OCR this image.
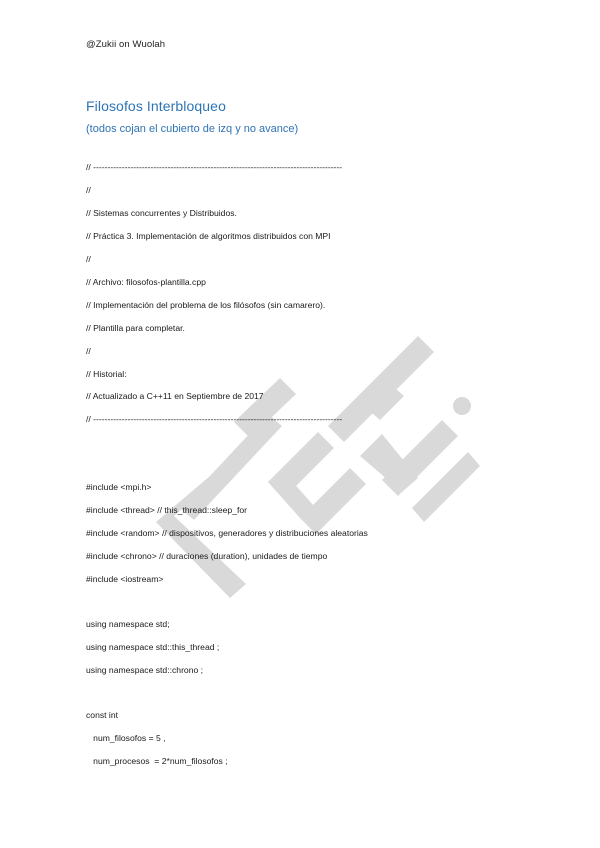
@Zukii on Wuolah
Filosofos Interbloqueo
(todos cojan el cubierto de izq y no avance)
// ---------------------------------------------------------------------------------------
//
// Sistemas concurrentes y Distribuidos.
// Práctica 3. Implementación de algoritmos distribuidos con MPI
//
// Archivo: filosofos-plantilla.cpp
// Implementación del problema de los filósofos (sin camarero).
// Plantilla para completar.
//
// Historial:
// Actualizado a C++11 en Septiembre de 2017
// ---------------------------------------------------------------------------------------
#include <mpi.h>
#include <thread> // this_thread::sleep_for
#include <random> // dispositivos, generadores y distribuciones aleatorias
#include <chrono> // duraciones (duration), unidades de tiempo
#include <iostream>
using namespace std;
using namespace std::this_thread ;
using namespace std::chrono ;
const int
num_filosofos = 5 ,
num_procesos  = 2*num_filosofos ;
